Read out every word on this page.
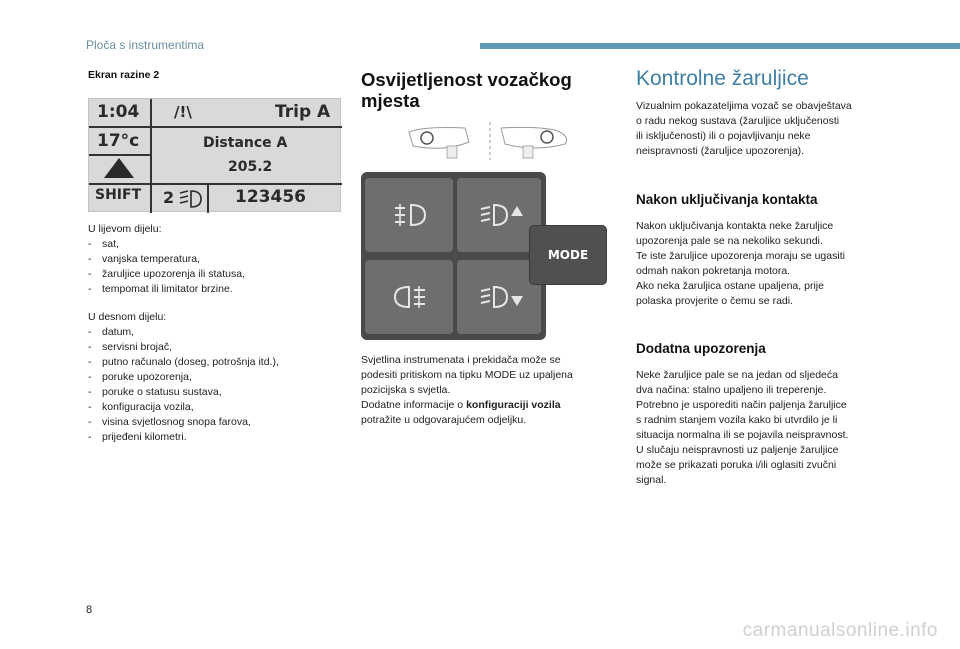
Ploča s instrumentima
Ekran razine 2
1:04 /!\	Trip A
17°c	Distance A
205.2
SHIFT 2	123456
U lijevom dijelu:
- sat,
- vanjska temperatura,
- žaruljice upozorenja ili statusa,
- tempomat ili limitator brzine.
U desnom dijelu:
- datum,
- servisni brojač,
- putno računalo (doseg, potrošnja itd.),
- poruke upozorenja,
- poruke o statusu sustava,
- konfiguracija vozila,
- visina svjetlosnog snopa farova,
- prijeđeni kilometri.
Osvijetljenost vozačkog
mjesta
MODE
Svjetlina instrumenata i prekidača može se
podesiti pritiskom na tipku MODE uz upaljena
pozicijska s svjetla.
Dodatne informacije o konfiguraciji vozila
potražite u odgovarajućem odjeljku.
Kontrolne žaruljice
Vizualnim pokazateljima vozač se obavještava
o radu nekog sustava (žaruljice uključenosti
ili isključenosti) ili o pojavljivanju neke
neispravnosti (žaruljice upozorenja).
Nakon uključivanja kontakta
Nakon uključivanja kontakta neke žaruljice
upozorenja pale se na nekoliko sekundi.
Te iste žaruljice upozorenja moraju se ugasiti
odmah nakon pokretanja motora.
Ako neka žaruljica ostane upaljena, prije
polaska provjerite o čemu se radi.
Dodatna upozorenja
Neke žaruljice pale se na jedan od sljedeća
dva načina: stalno upaljeno ili treperenje.
Potrebno je usporediti način paljenja žaruljice
s radnim stanjem vozila kako bi utvrdilo je li
situacija normalna ili se pojavila neispravnost.
U slučaju neispravnosti uz paljenje žaruljice
može se prikazati poruka i/ili oglasiti zvučni
signal.
8
carmanualsonline.info
